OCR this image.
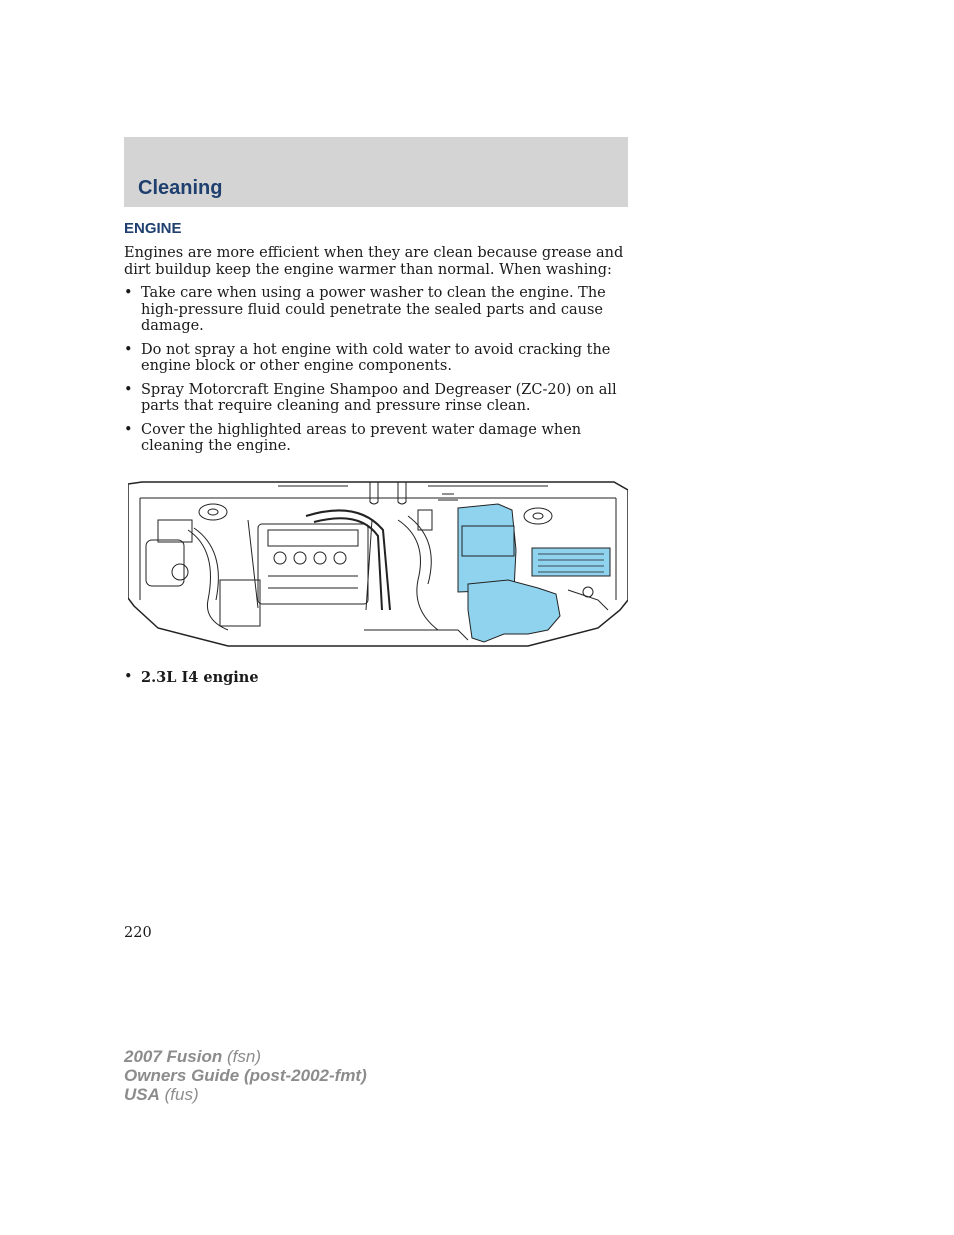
Cleaning
ENGINE

Engines are more efficient when they are clean because grease and dirt buildup keep the engine warmer than normal. When washing:

• Take care when using a power washer to clean the engine. The high-pressure fluid could penetrate the sealed parts and cause damage.
• Do not spray a hot engine with cold water to avoid cracking the engine block or other engine components.
• Spray Motorcraft Engine Shampoo and Degreaser (ZC-20) on all parts that require cleaning and pressure rinse clean.
• Cover the highlighted areas to prevent water damage when cleaning the engine.

• 2.3L I4 engine

220

2007 Fusion (fsn)
Owners Guide (post-2002-fmt)
USA (fus)
